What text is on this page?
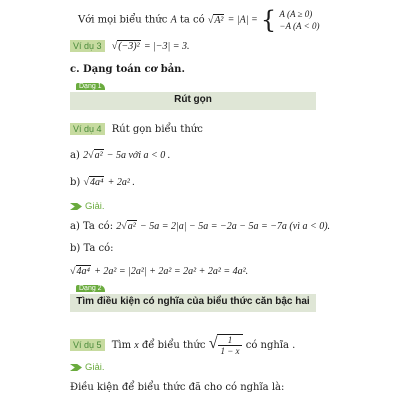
Với mọi biểu thức A ta có √A² = |A| = { A (A ≥ 0)
−A (A < 0)
Ví dụ 3 √(−3)² = |−3| = 3.
c. Dạng toán cơ bản.
Dạng 1
Rút gọn
Ví dụ 4 Rút gọn biểu thức
a) 2√a² − 5a với a < 0 .
b) √4a⁴ + 2a² .
Giải.
a) Ta có: 2√a² − 5a = 2|a| − 5a = −2a − 5a = −7a (vì a < 0).
b) Ta có:
√4a⁴ + 2a² = |2a²| + 2a² = 2a² + 2a² = 4a².
Dạng 2
Tìm điều kiện có nghĩa của biểu thức căn bậc hai
Ví dụ 5 Tìm x để biểu thức √ $\frac{1}{1 - x}$ có nghĩa .
Giải.
Điều kiện để biểu thức đã cho có nghĩa là:
